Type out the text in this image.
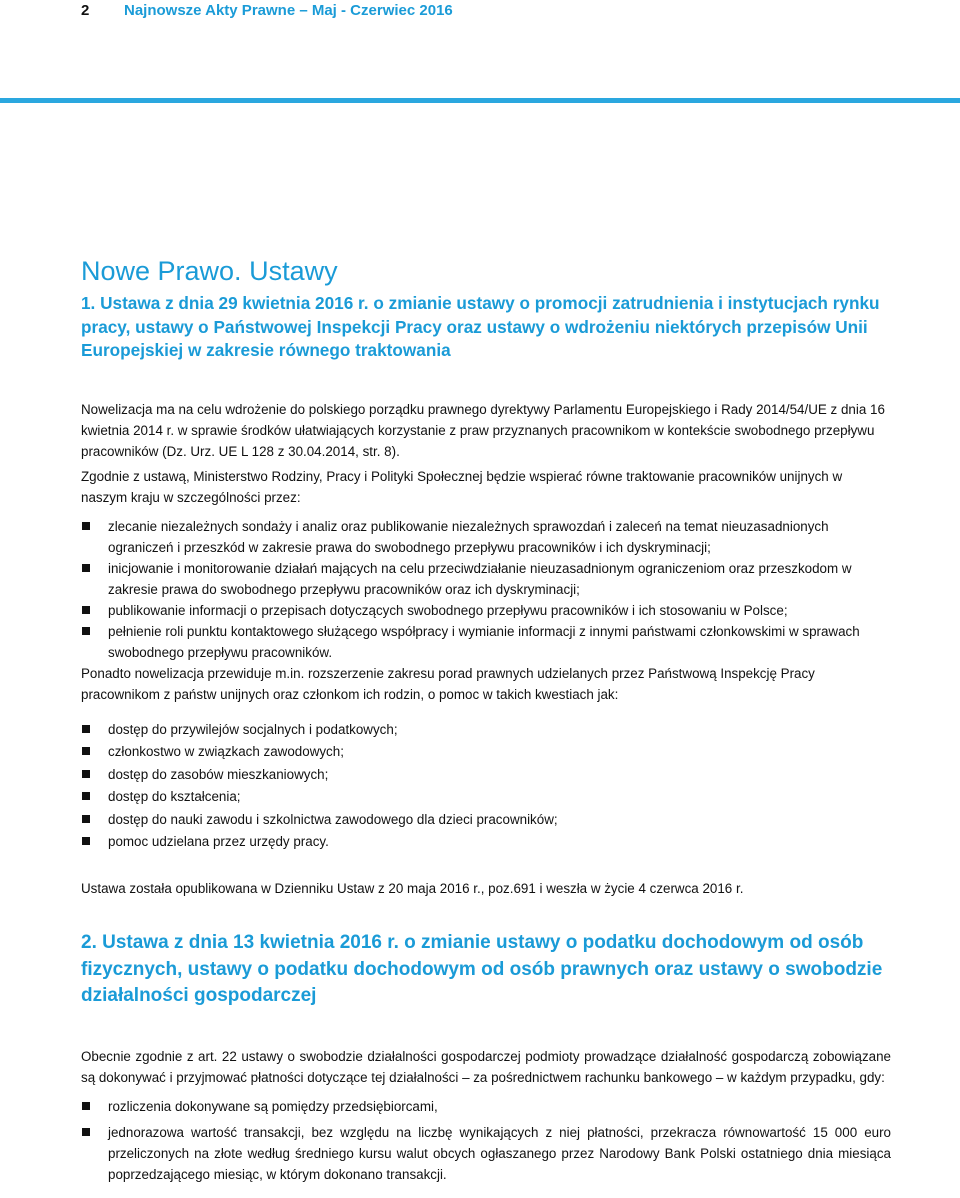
2 Najnowsze Akty Prawne – Maj - Czerwiec 2016
Nowe Prawo. Ustawy
1. Ustawa z dnia 29 kwietnia 2016 r. o zmianie ustawy o promocji zatrudnienia i instytucjach rynku pracy, ustawy o Państwowej Inspekcji Pracy oraz ustawy o wdrożeniu niektórych przepisów Unii Europejskiej w zakresie równego traktowania

Nowelizacja ma na celu wdrożenie do polskiego porządku prawnego dyrektywy Parlamentu Europejskiego i Rady 2014/54/UE z dnia 16 kwietnia 2014 r. w sprawie środków ułatwiających korzystanie z praw przyznanych pracownikom w kontekście swobodnego przepływu pracowników (Dz. Urz. UE L 128 z 30.04.2014, str. 8).

Zgodnie z ustawą, Ministerstwo Rodziny, Pracy i Polityki Społecznej będzie wspierać równe traktowanie pracowników unijnych w naszym kraju w szczególności przez:

zlecanie niezależnych sondaży i analiz oraz publikowanie niezależnych sprawozdań i zaleceń na temat nieuzasadnionych ograniczeń i przeszkód w zakresie prawa do swobodnego przepływu pracowników i ich dyskryminacji;
inicjowanie i monitorowanie działań mających na celu przeciwdziałanie nieuzasadnionym ograniczeniom oraz przeszkodom w zakresie prawa do swobodnego przepływu pracowników oraz ich dyskryminacji;
publikowanie informacji o przepisach dotyczących swobodnego przepływu pracowników i ich stosowaniu w Polsce;
pełnienie roli punktu kontaktowego służącego współpracy i wymianie informacji z innymi państwami członkowskimi w sprawach swobodnego przepływu pracowników.

Ponadto nowelizacja przewiduje m.in. rozszerzenie zakresu porad prawnych udzielanych przez Państwową Inspekcję Pracy pracownikom z państw unijnych oraz członkom ich rodzin, o pomoc w takich kwestiach jak:

dostęp do przywilejów socjalnych i podatkowych;
członkostwo w związkach zawodowych;
dostęp do zasobów mieszkaniowych;
dostęp do kształcenia;
dostęp do nauki zawodu i szkolnictwa zawodowego dla dzieci pracowników;
pomoc udzielana przez urzędy pracy.

Ustawa została opublikowana w Dzienniku Ustaw z 20 maja 2016 r., poz.691 i weszła w życie 4 czerwca 2016 r.

2. Ustawa z dnia 13 kwietnia 2016 r. o zmianie ustawy o podatku dochodowym od osób fizycznych, ustawy o podatku dochodowym od osób prawnych oraz ustawy o swobodzie działalności gospodarczej

Obecnie zgodnie z art. 22 ustawy o swobodzie działalności gospodarczej podmioty prowadzące działalność gospodarczą zobowiązane są dokonywać i przyjmować płatności dotyczące tej działalności – za pośrednictwem rachunku bankowego – w każdym przypadku, gdy:

rozliczenia dokonywane są pomiędzy przedsiębiorcami,
jednorazowa wartość transakcji, bez względu na liczbę wynikających z niej płatności, przekracza równowartość 15 000 euro przeliczonych na złote według średniego kursu walut obcych ogłaszanego przez Narodowy Bank Polski ostatniego dnia miesiąca poprzedzającego miesiąc, w którym dokonano transakcji.
